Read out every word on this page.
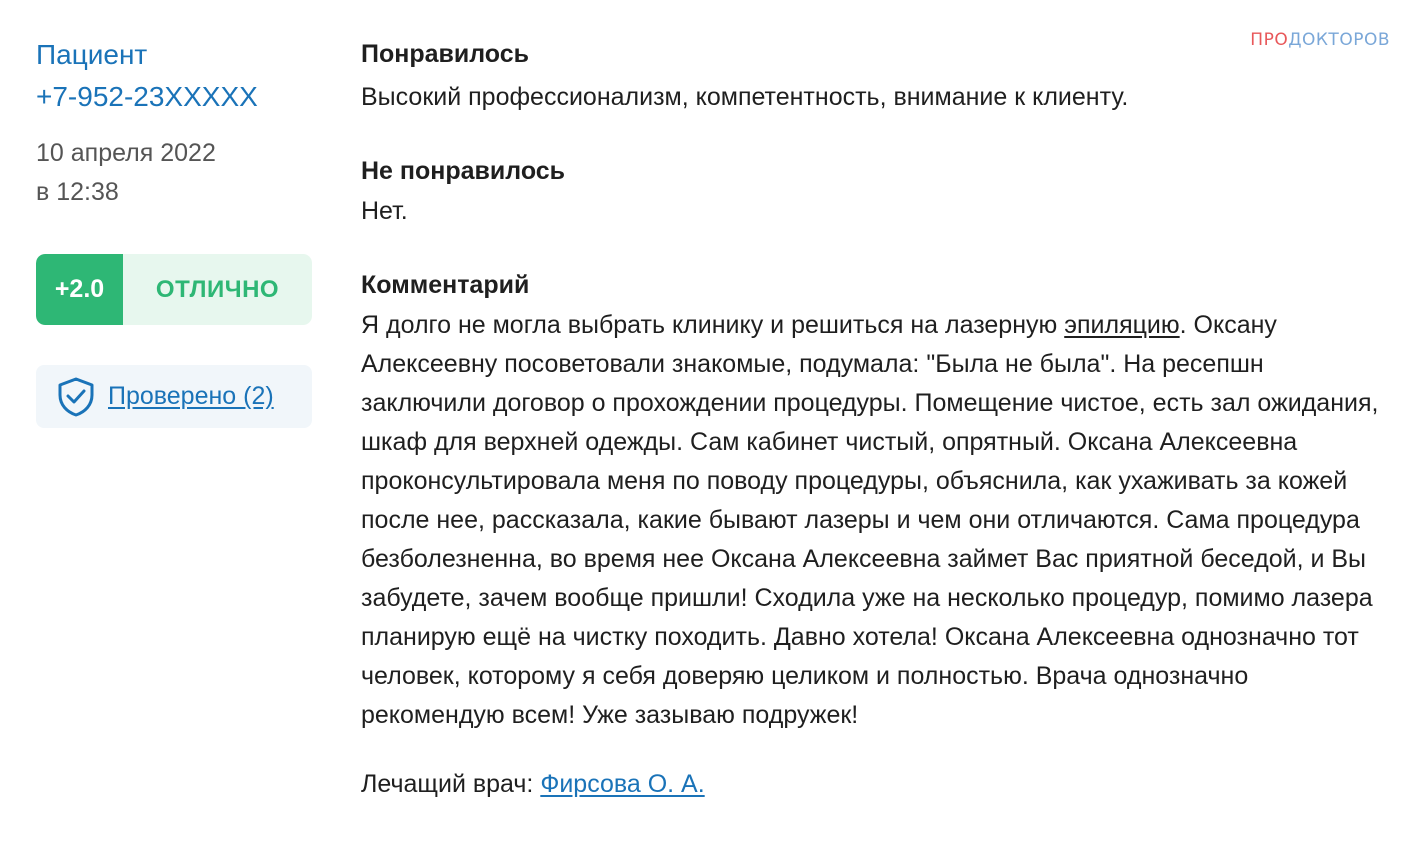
Пациент
+7-952-23XXXXX
10 апреля 2022
в 12:38
+2.0	ОТЛИЧНО
Проверено (2)
ПРОДОКТОРОВ

Понравилось

Высокий профессионализм, компетентность, внимание к клиенту.

Не понравилось

Нет.

Комментарий

Я долго не могла выбрать клинику и решиться на лазерную эпиляцию. Оксану Алексеевну посоветовали знакомые, подумала: "Была не была". На ресепшн заключили договор о прохождении процедуры. Помещение чистое, есть зал ожидания, шкаф для верхней одежды. Сам кабинет чистый, опрятный. Оксана Алексеевна проконсультировала меня по поводу процедуры, объяснила, как ухаживать за кожей после нее, рассказала, какие бывают лазеры и чем они отличаются. Сама процедура безболезненна, во время нее Оксана Алексеевна займет Вас приятной беседой, и Вы забудете, зачем вообще пришли! Сходила уже на несколько процедур, помимо лазера планирую ещё на чистку походить. Давно хотела! Оксана Алексеевна однозначно тот человек, которому я себя доверяю целиком и полностью. Врача однозначно рекомендую всем! Уже зазываю подружек!

Лечащий врач: Фирсова О. А.
